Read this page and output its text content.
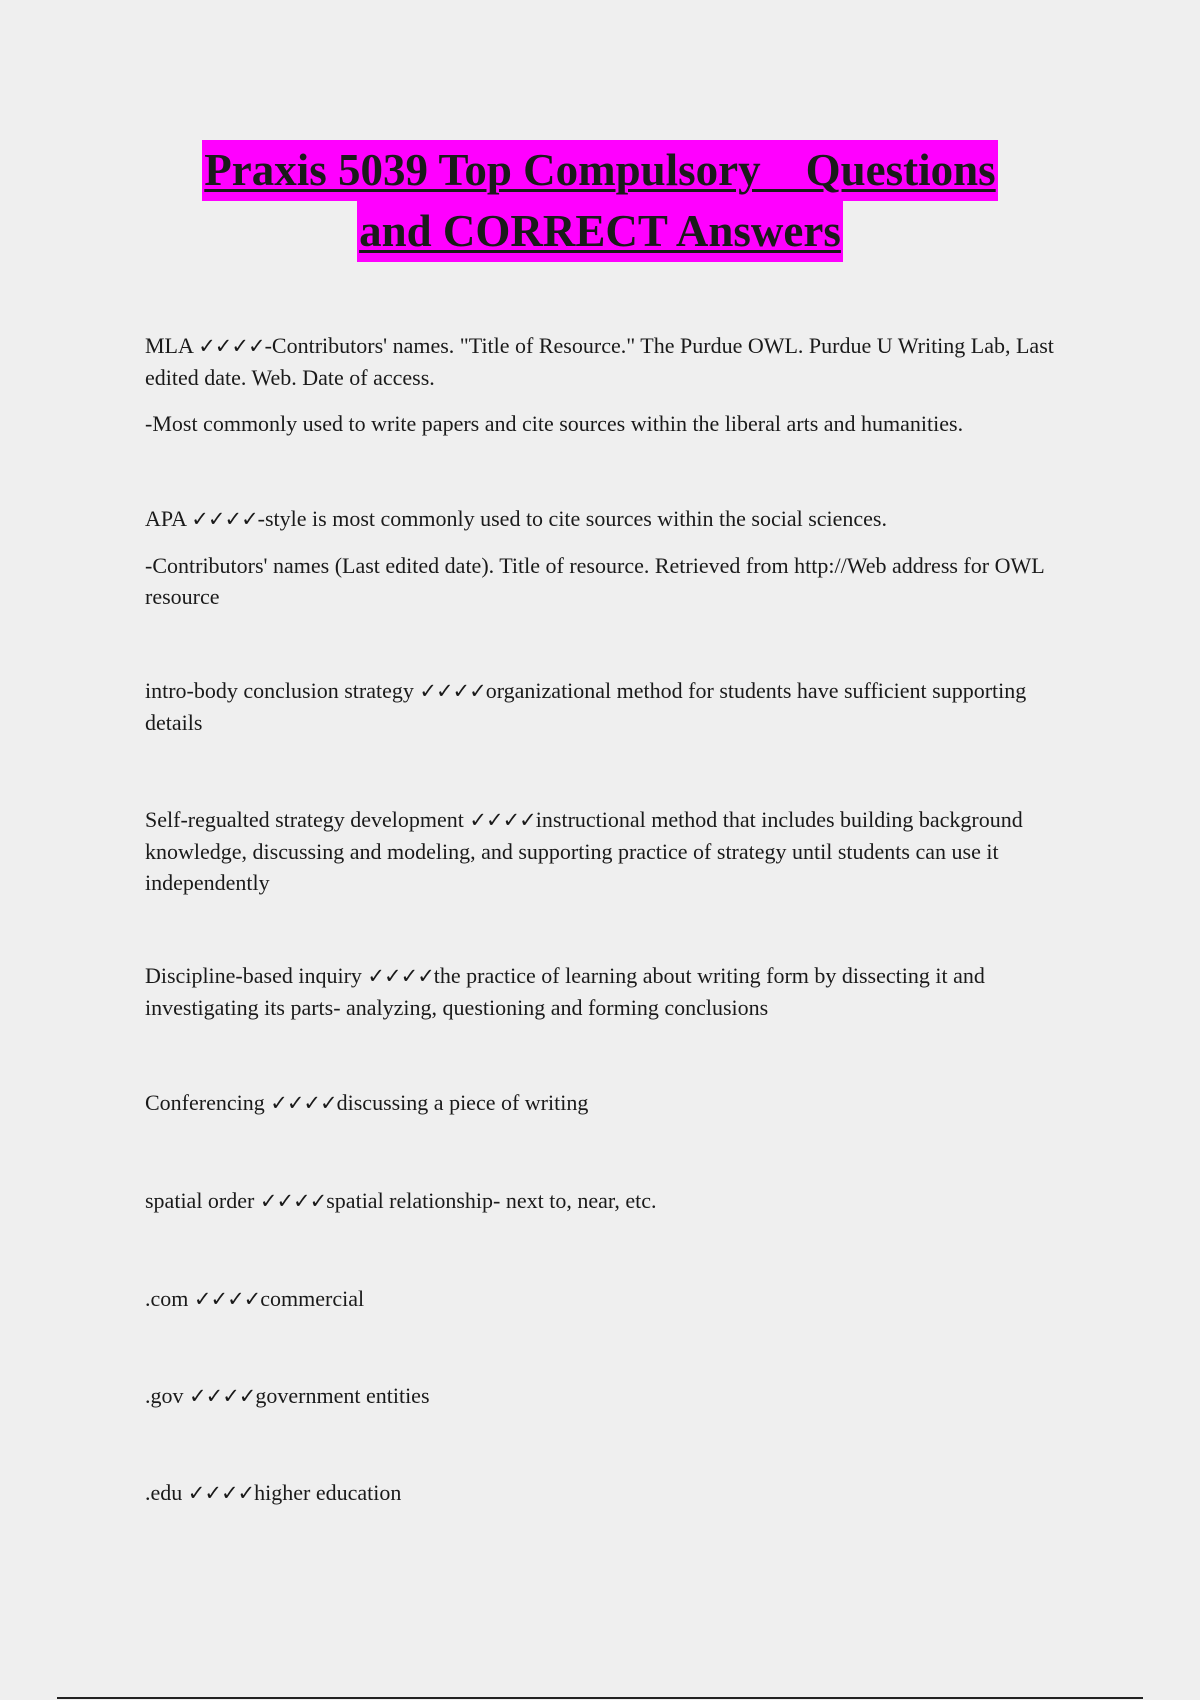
Praxis 5039 Top Compulsory    Questions
and CORRECT Answers

MLA ✓✓✓✓-Contributors' names. "Title of Resource." The Purdue OWL. Purdue U Writing Lab, Last edited date. Web. Date of access.

-Most commonly used to write papers and cite sources within the liberal arts and humanities.

APA ✓✓✓✓-style is most commonly used to cite sources within the social sciences.

-Contributors' names (Last edited date). Title of resource. Retrieved from http://Web address for OWL resource

intro-body conclusion strategy ✓✓✓✓organizational method for students have sufficient supporting details

Self-regualted strategy development ✓✓✓✓instructional method that includes building background knowledge, discussing and modeling, and supporting practice of strategy until students can use it independently

Discipline-based inquiry ✓✓✓✓the practice of learning about writing form by dissecting it and investigating its parts- analyzing, questioning and forming conclusions

Conferencing ✓✓✓✓discussing a piece of writing

spatial order ✓✓✓✓spatial relationship- next to, near, etc.

.com ✓✓✓✓commercial

.gov ✓✓✓✓government entities

.edu ✓✓✓✓higher education
